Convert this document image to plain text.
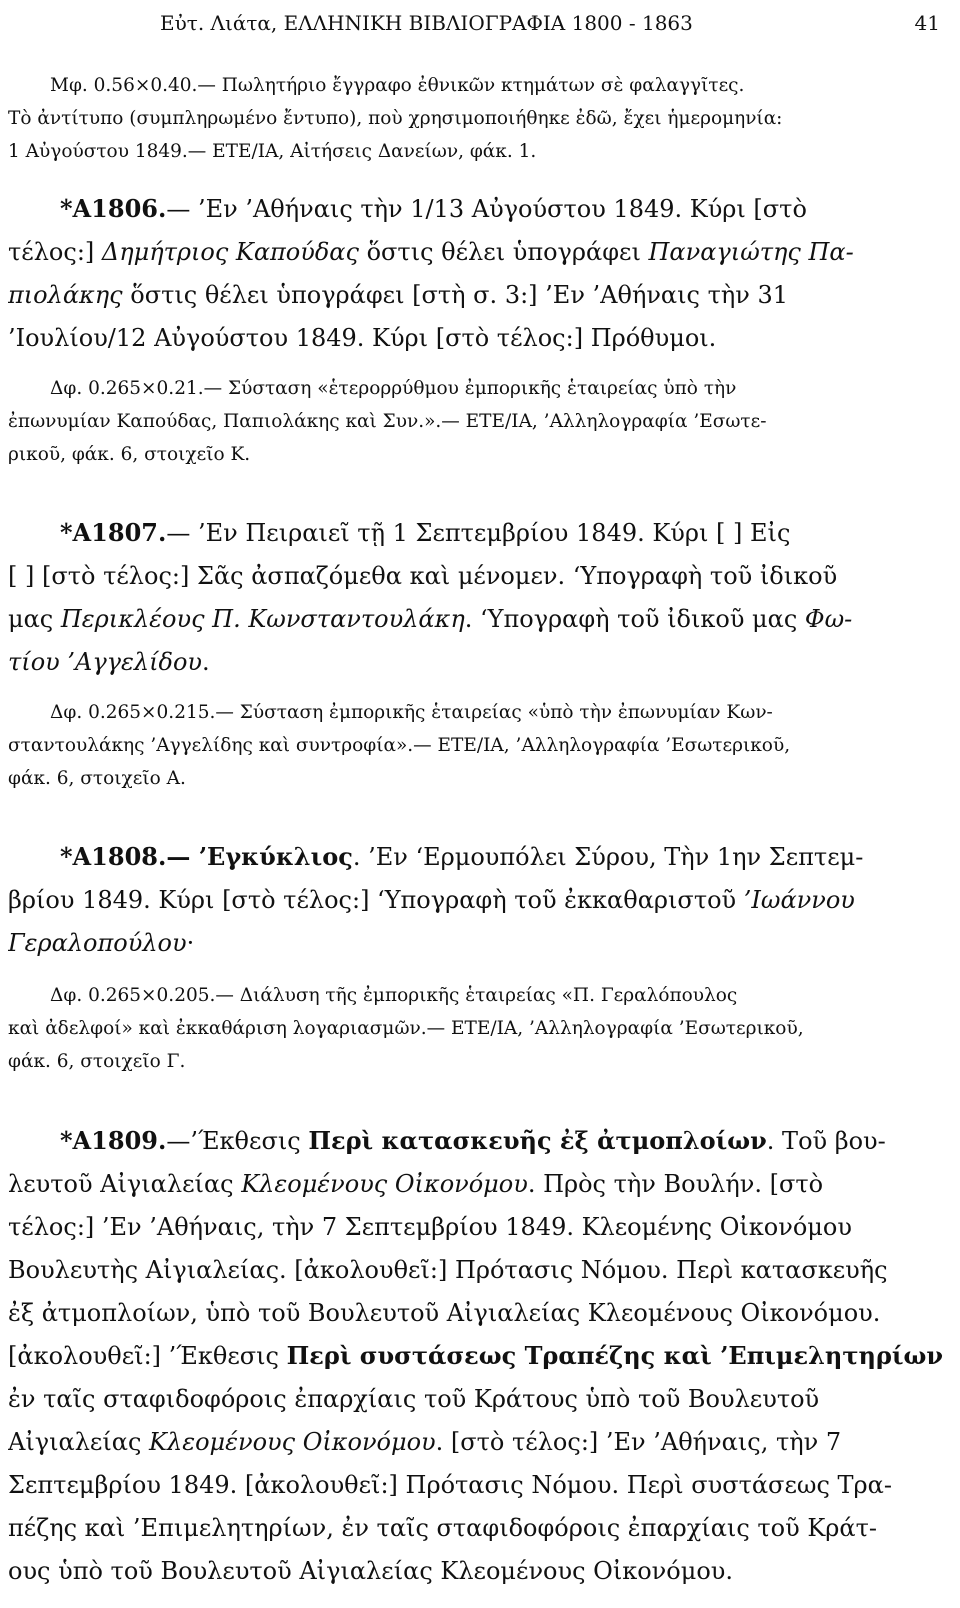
Εὐτ. Λιάτα, ΕΛΛΗΝΙΚΗ ΒΙΒΛΙΟΓΡΑΦΙΑ 1800 - 1863	41
Μφ. 0.56×0.40.— Πωλητήριο ἔγγραφο ἐθνικῶν κτημάτων σὲ φαλαγγῖτες.
Τὸ ἀντίτυπο (συμπληρωμένο ἔντυπο), ποὺ χρησιμοποιήθηκε ἐδῶ, ἔχει ἡμερομηνία:
1 Αὐγούστου 1849.— ΕΤΕ/ΙΑ, Αἰτήσεις Δανείων, φάκ. 1.
*Α1806.— ’Εν ’Αθήναις τὴν 1/13 Αὐγούστου 1849. Κύρι [στὸ
τέλος:] Δημήτριος Καπούδας ὅστις θέλει ὑπογράφει Παναγιώτης Πα-
πιολάκης ὅστις θέλει ὑπογράφει [στὴ σ. 3:] ’Εν ’Αθήναις τὴν 31
’Ιουλίου/12 Αὐγούστου 1849. Κύρι [στὸ τέλος:] Πρόθυμοι.
Δφ. 0.265×0.21.— Σύσταση «ἑτερορρύθμου ἐμπορικῆς ἑταιρείας ὑπὸ τὴν
ἐπωνυμίαν Καπούδας, Παπιολάκης καὶ Συν.».— ΕΤΕ/ΙΑ, ’Αλληλογραφία ’Εσωτε-
ρικοῦ, φάκ. 6, στοιχεῖο Κ.
*Α1807.— ’Εν Πειραιεῖ τῇ 1 Σεπτεμβρίου 1849. Κύρι [ ] Εἰς
[ ] [στὸ τέλος:] Σᾶς ἀσπαζόμεθα καὶ μένομεν. ‘Υπογραφὴ τοῦ ἰδικοῦ
μας Περικλέους Π. Κωνσταντουλάκη. ‘Υπογραφὴ τοῦ ἰδικοῦ μας Φω-
τίου ’Αγγελίδου.
Δφ. 0.265×0.215.— Σύσταση ἐμπορικῆς ἑταιρείας «ὑπὸ τὴν ἐπωνυμίαν Κων-
σταντουλάκης ’Αγγελίδης καὶ συντροφία».— ΕΤΕ/ΙΑ, ’Αλληλογραφία ’Εσωτερικοῦ,
φάκ. 6, στοιχεῖο Α.
*Α1808.— ’Εγκύκλιος. ’Εν ‘Ερμουπόλει Σύρου, Τὴν 1ην Σεπτεμ-
βρίου 1849. Κύρι [στὸ τέλος:] ‘Υπογραφὴ τοῦ ἐκκαθαριστοῦ ’Ιωάννου
Γεραλοπούλου·
Δφ. 0.265×0.205.— Διάλυση τῆς ἐμπορικῆς ἑταιρείας «Π. Γεραλόπουλος
καὶ ἀδελφοί» καὶ ἐκκαθάριση λογαριασμῶν.— ΕΤΕ/ΙΑ, ’Αλληλογραφία ’Εσωτερικοῦ,
φάκ. 6, στοιχεῖο Γ.
*Α1809.—’Έκθεσις Περὶ κατασκευῆς ἐξ ἀτμοπλοίων. Τοῦ βου-
λευτοῦ Αἰγιαλείας Κλεομένους Οἰκονόμου. Πρὸς τὴν Βουλήν. [στὸ
τέλος:] ’Εν ’Αθήναις, τὴν 7 Σεπτεμβρίου 1849. Κλεομένης Οἰκονόμου
Βουλευτὴς Αἰγιαλείας. [ἀκολουθεῖ:] Πρότασις Νόμου. Περὶ κατασκευῆς
ἐξ ἀτμοπλοίων, ὑπὸ τοῦ Βουλευτοῦ Αἰγιαλείας Κλεομένους Οἰκονόμου.
[ἀκολουθεῖ:] ’Έκθεσις Περὶ συστάσεως Τραπέζης καὶ ’Επιμελητηρίων
ἐν ταῖς σταφιδοφόροις ἐπαρχίαις τοῦ Κράτους ὑπὸ τοῦ Βουλευτοῦ
Αἰγιαλείας Κλεομένους Οἰκονόμου. [στὸ τέλος:] ’Εν ’Αθήναις, τὴν 7
Σεπτεμβρίου 1849. [ἀκολουθεῖ:] Πρότασις Νόμου. Περὶ συστάσεως Τρα-
πέζης καὶ ’Επιμελητηρίων, ἐν ταῖς σταφιδοφόροις ἐπαρχίαις τοῦ Κράτ-
ους ὑπὸ τοῦ Βουλευτοῦ Αἰγιαλείας Κλεομένους Οἰκονόμου.
